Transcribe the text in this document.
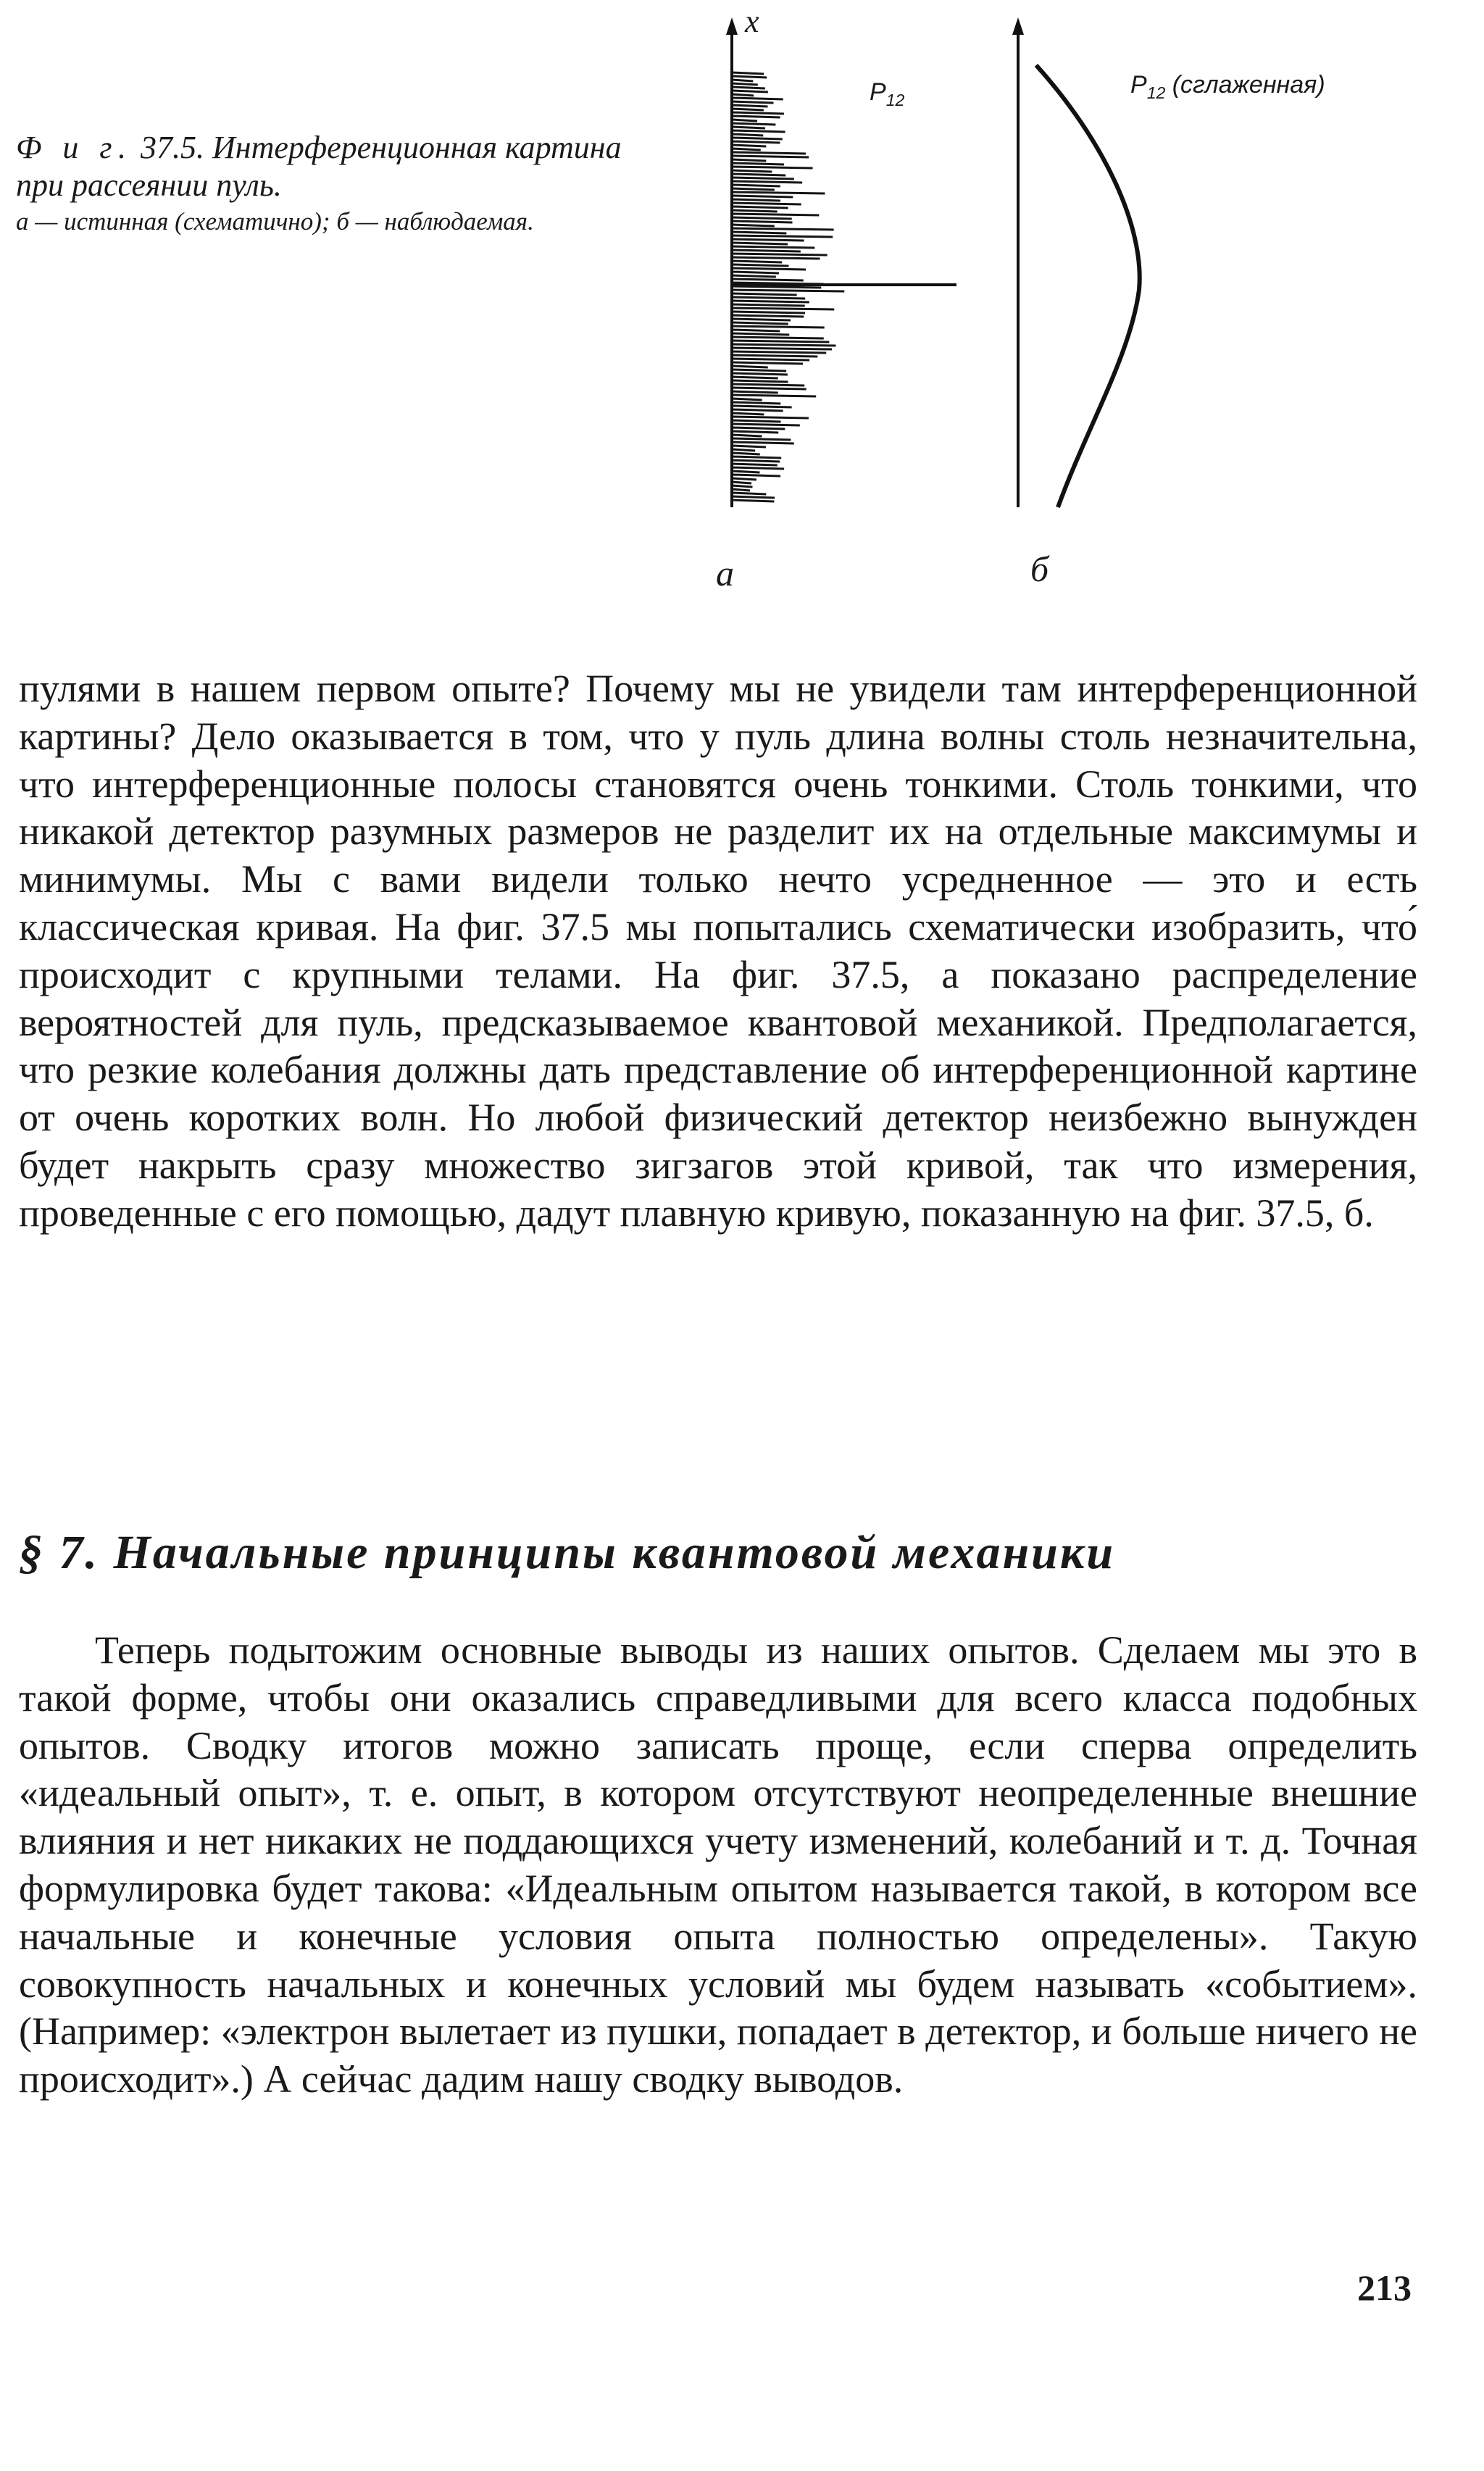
Ф и г. 37.5. Интерференционная картина при рассеянии пуль.
а — истинная (схематично); б — наблюдаемая.
x
$P_{12}$
$P_{12}$ (сглаженная)
а	б

пулями в нашем первом опыте? Почему мы не увидели там интерференционной картины? Дело оказывается в том, что у пуль длина волны столь незначительна, что интерференционные полосы становятся очень тонкими. Столь тонкими, что никакой детектор разумных размеров не разделит их на отдельные максимумы и минимумы. Мы с вами видели только нечто усредненное — это и есть классическая кривая. На фиг. 37.5 мы попытались схематически изобразить, что́ происходит с крупными телами. На фиг. 37.5, а показано распределение вероятностей для пуль, предсказываемое квантовой механикой. Предполагается, что резкие колебания должны дать представление об интерференционной картине от очень коротких волн. Но любой физический детектор неизбежно вынужден будет накрыть сразу множество зигзагов этой кривой, так что измерения, проведенные с его помощью, дадут плавную кривую, показанную на фиг. 37.5, б.

§ 7. Начальные принципы квантовой механики

Теперь подытожим основные выводы из наших опытов. Сделаем мы это в такой форме, чтобы они оказались справедливыми для всего класса подобных опытов. Сводку итогов можно записать проще, если сперва определить «идеальный опыт», т. е. опыт, в котором отсутствуют неопределенные внешние влияния и нет никаких не поддающихся учету изменений, колебаний и т. д. Точная формулировка будет такова: «Идеальным опытом называется такой, в котором все начальные и конечные условия опыта полностью определены». Такую совокупность начальных и конечных условий мы будем называть «событием». (Например: «электрон вылетает из пушки, попадает в детектор, и больше ничего не происходит».) А сейчас дадим нашу сводку выводов.

213
